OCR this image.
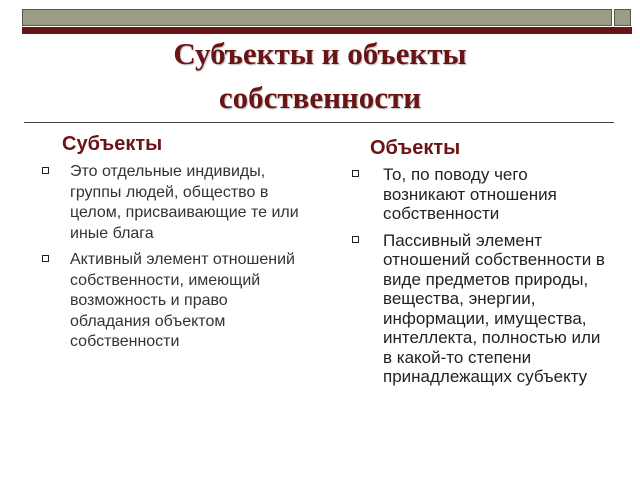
Субъекты и объекты собственности
Субъекты
Это отдельные индивиды, группы людей, общество в целом, присваивающие те или иные блага
Активный элемент отношений собственности, имеющий возможность и право обладания объектом собственности
Объекты
То, по поводу чего возникают отношения собственности
Пассивный элемент отношений собственности в виде предметов природы, вещества, энергии, информации, имущества, интеллекта, полностью или в какой-то степени принадлежащих субъекту
